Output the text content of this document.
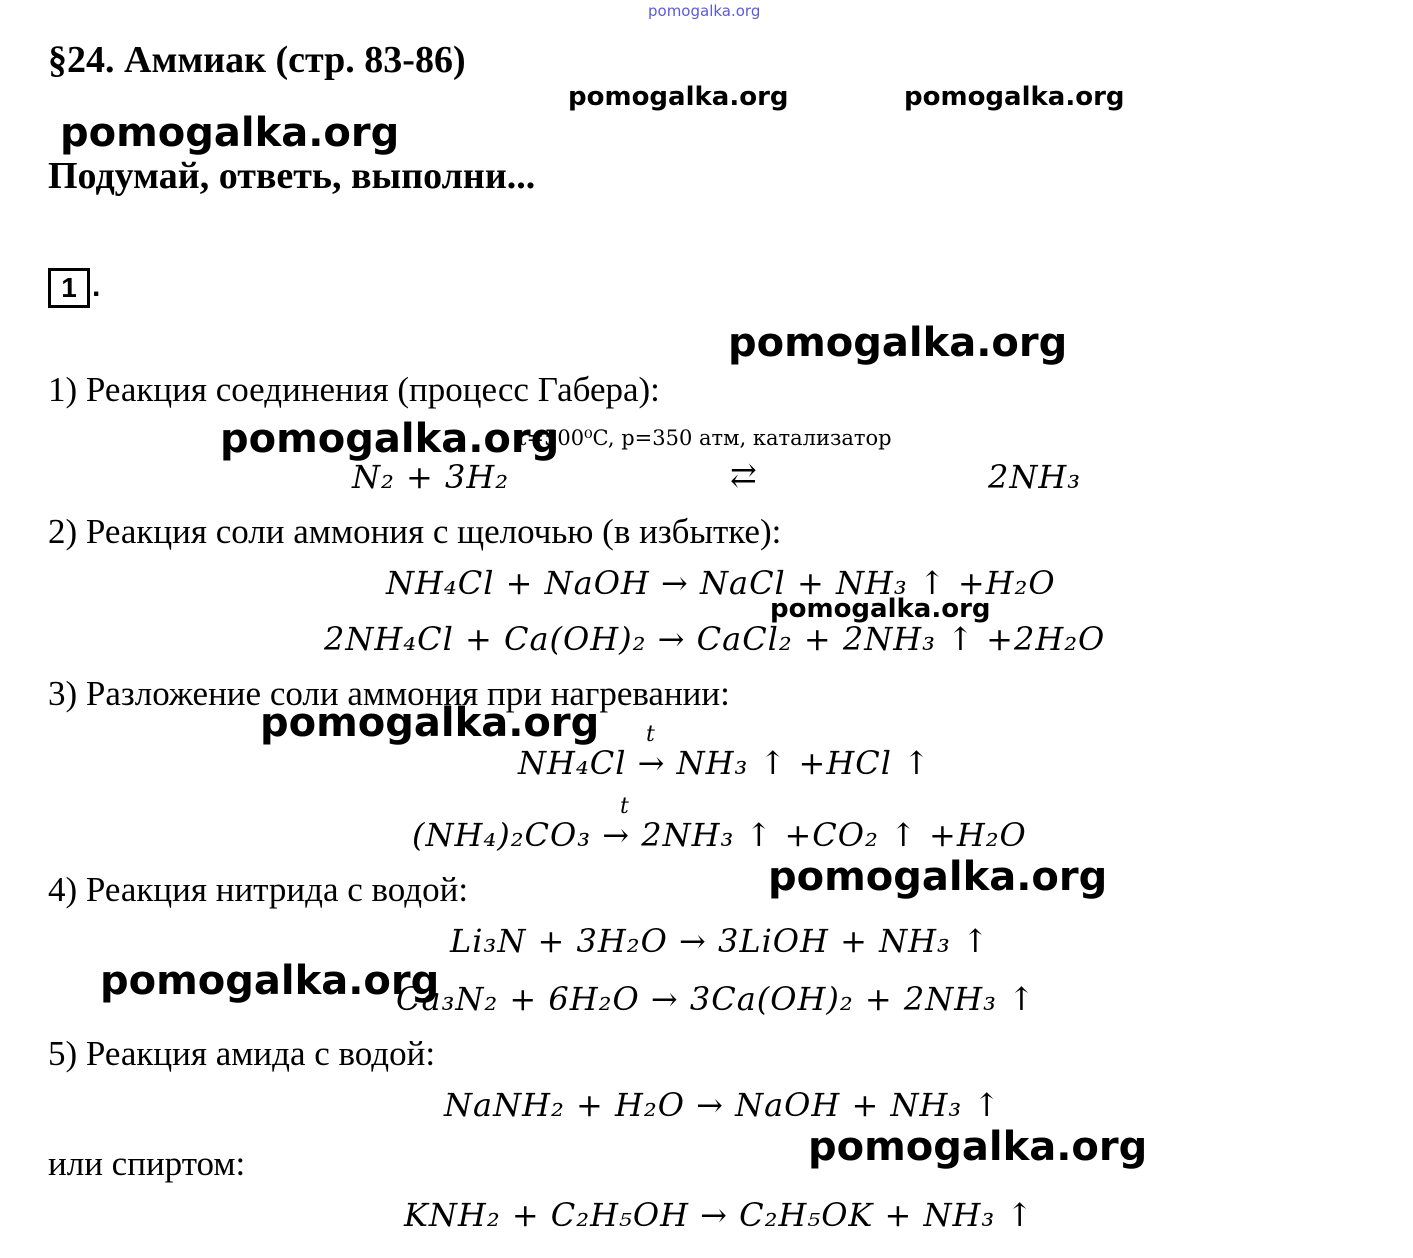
pomogalka.org
§24. Аммиак (стр. 83-86)
pomogalka.org	pomogalka.org
pomogalka.org
Подумай, ответь, выполни...
1 .
pomogalka.org
1) Реакция соединения (процесс Габера):
pomogalka.org
t=500⁰C, p=350 атм, катализатор
N₂ + 3H₂	⇄	2NH₃
2) Реакция соли аммония с щелочью (в избытке):
NH₄Cl + NaOH → NaCl + NH₃ ↑ +H₂O
pomogalka.org
2NH₄Cl + Ca(OH)₂ → CaCl₂ + 2NH₃ ↑ +2H₂O
3) Разложение соли аммония при нагревании:
pomogalka.org t
NH₄Cl → NH₃ ↑ +HCl ↑
t
(NH₄)₂CO₃ → 2NH₃ ↑ +CO₂ ↑ +H₂O
pomogalka.org
4) Реакция нитрида с водой:
Li₃N + 3H₂O → 3LiOH + NH₃ ↑
pomogalka.org
Ca₃N₂ + 6H₂O → 3Ca(OH)₂ + 2NH₃ ↑
5) Реакция амида с водой:
NaNH₂ + H₂O → NaOH + NH₃ ↑
pomogalka.org
или спиртом:
KNH₂ + C₂H₅OH → C₂H₅OK + NH₃ ↑
